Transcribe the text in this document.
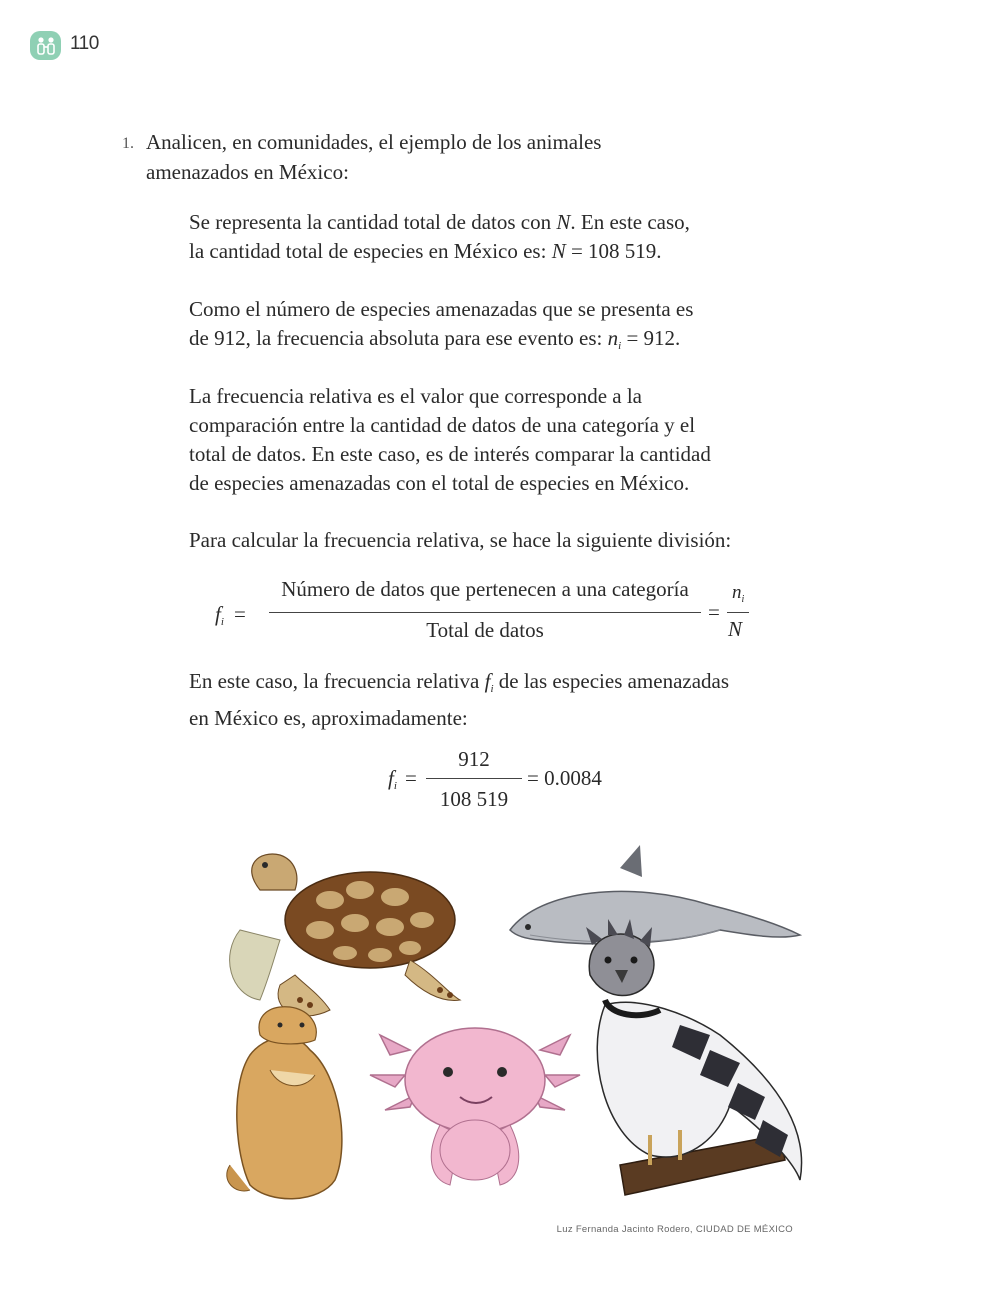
110
1. Analicen, en comunidades, el ejemplo de los animales
amenazados en México:
Se representa la cantidad total de datos con N. En este caso,
la cantidad total de especies en México es: N = 108 519.
Como el número de especies amenazadas que se presenta es
de 912, la frecuencia absoluta para ese evento es: $n_i = 912$.
La frecuencia relativa es el valor que corresponde a la
comparación entre la cantidad de datos de una categoría y el
total de datos. En este caso, es de interés comparar la cantidad
de especies amenazadas con el total de especies en México.
Para calcular la frecuencia relativa, se hace la siguiente división:
$f_i$ =
Número de datos que pertenecen a una categoría
Total de datos
=
$n_i$
N
En este caso, la frecuencia relativa $f_i$ de las especies amenazadas
en México es, aproximadamente:
$f_i$ =
912
108 519
= 0.0084
Luz Fernanda Jacinto Rodero, CIUDAD DE MÉXICO
